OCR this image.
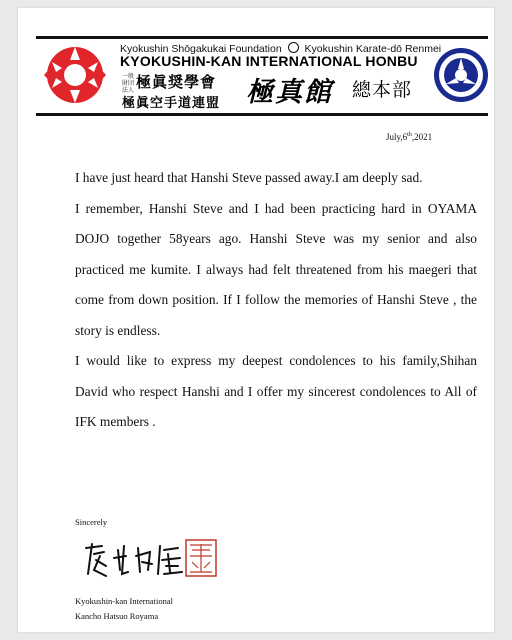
Kyokushin Shōgakukai Foundation Kyokushin Karate-dō Renmei
KYOKUSHIN-KAN INTERNATIONAL HONBU
一般財団法人 極眞奨學會
極眞空手道連盟 極真館 總本部
July,6th,2021

I have just heard that Hanshi Steve passed away.I am deeply sad.

I remember, Hanshi Steve and I had been practicing hard in OYAMA DOJO together 58years ago. Hanshi Steve was my senior and also practiced me kumite. I always had felt threatened from his maegeri that come from down position. If I follow the memories of Hanshi Steve , the story is endless.

I would like to express my deepest condolences to his family,Shihan David who respect Hanshi and I offer my sincerest condolences to All of IFK members .

Sincerely
Kyokushin-kan International
Kancho Hatsuo Royama
